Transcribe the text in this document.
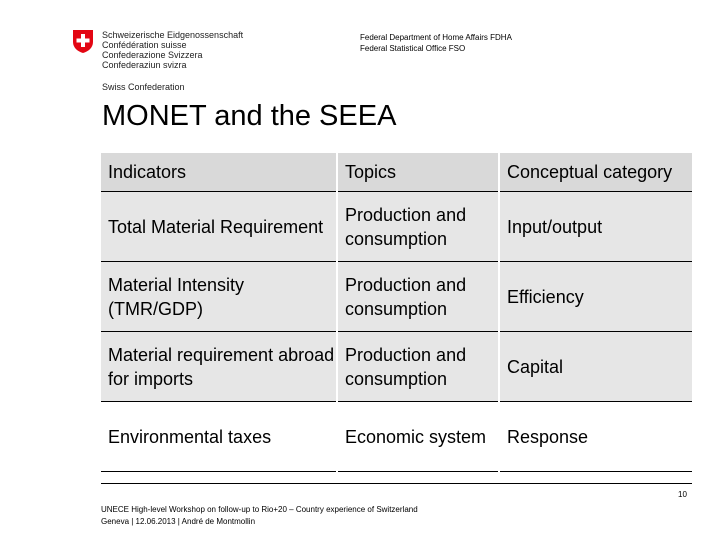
Schweizerische Eidgenossenschaft
Confédération suisse
Confederazione Svizzera
Confederaziun svizra
Swiss Confederation
Federal Department of Home Affairs FDHA
Federal Statistical Office FSO
MONET and the SEEA
Indicators	Topics	Conceptual category
Total Material Requirement	Production and consumption	Input/output
Material Intensity (TMR/GDP)	Production and consumption	Efficiency
Material requirement abroad for imports	Production and consumption	Capital
Environmental taxes	Economic system	Response
10
UNECE High-level Workshop on follow-up to Rio+20 – Country experience of Switzerland
Geneva | 12.06.2013 | André de Montmollin
